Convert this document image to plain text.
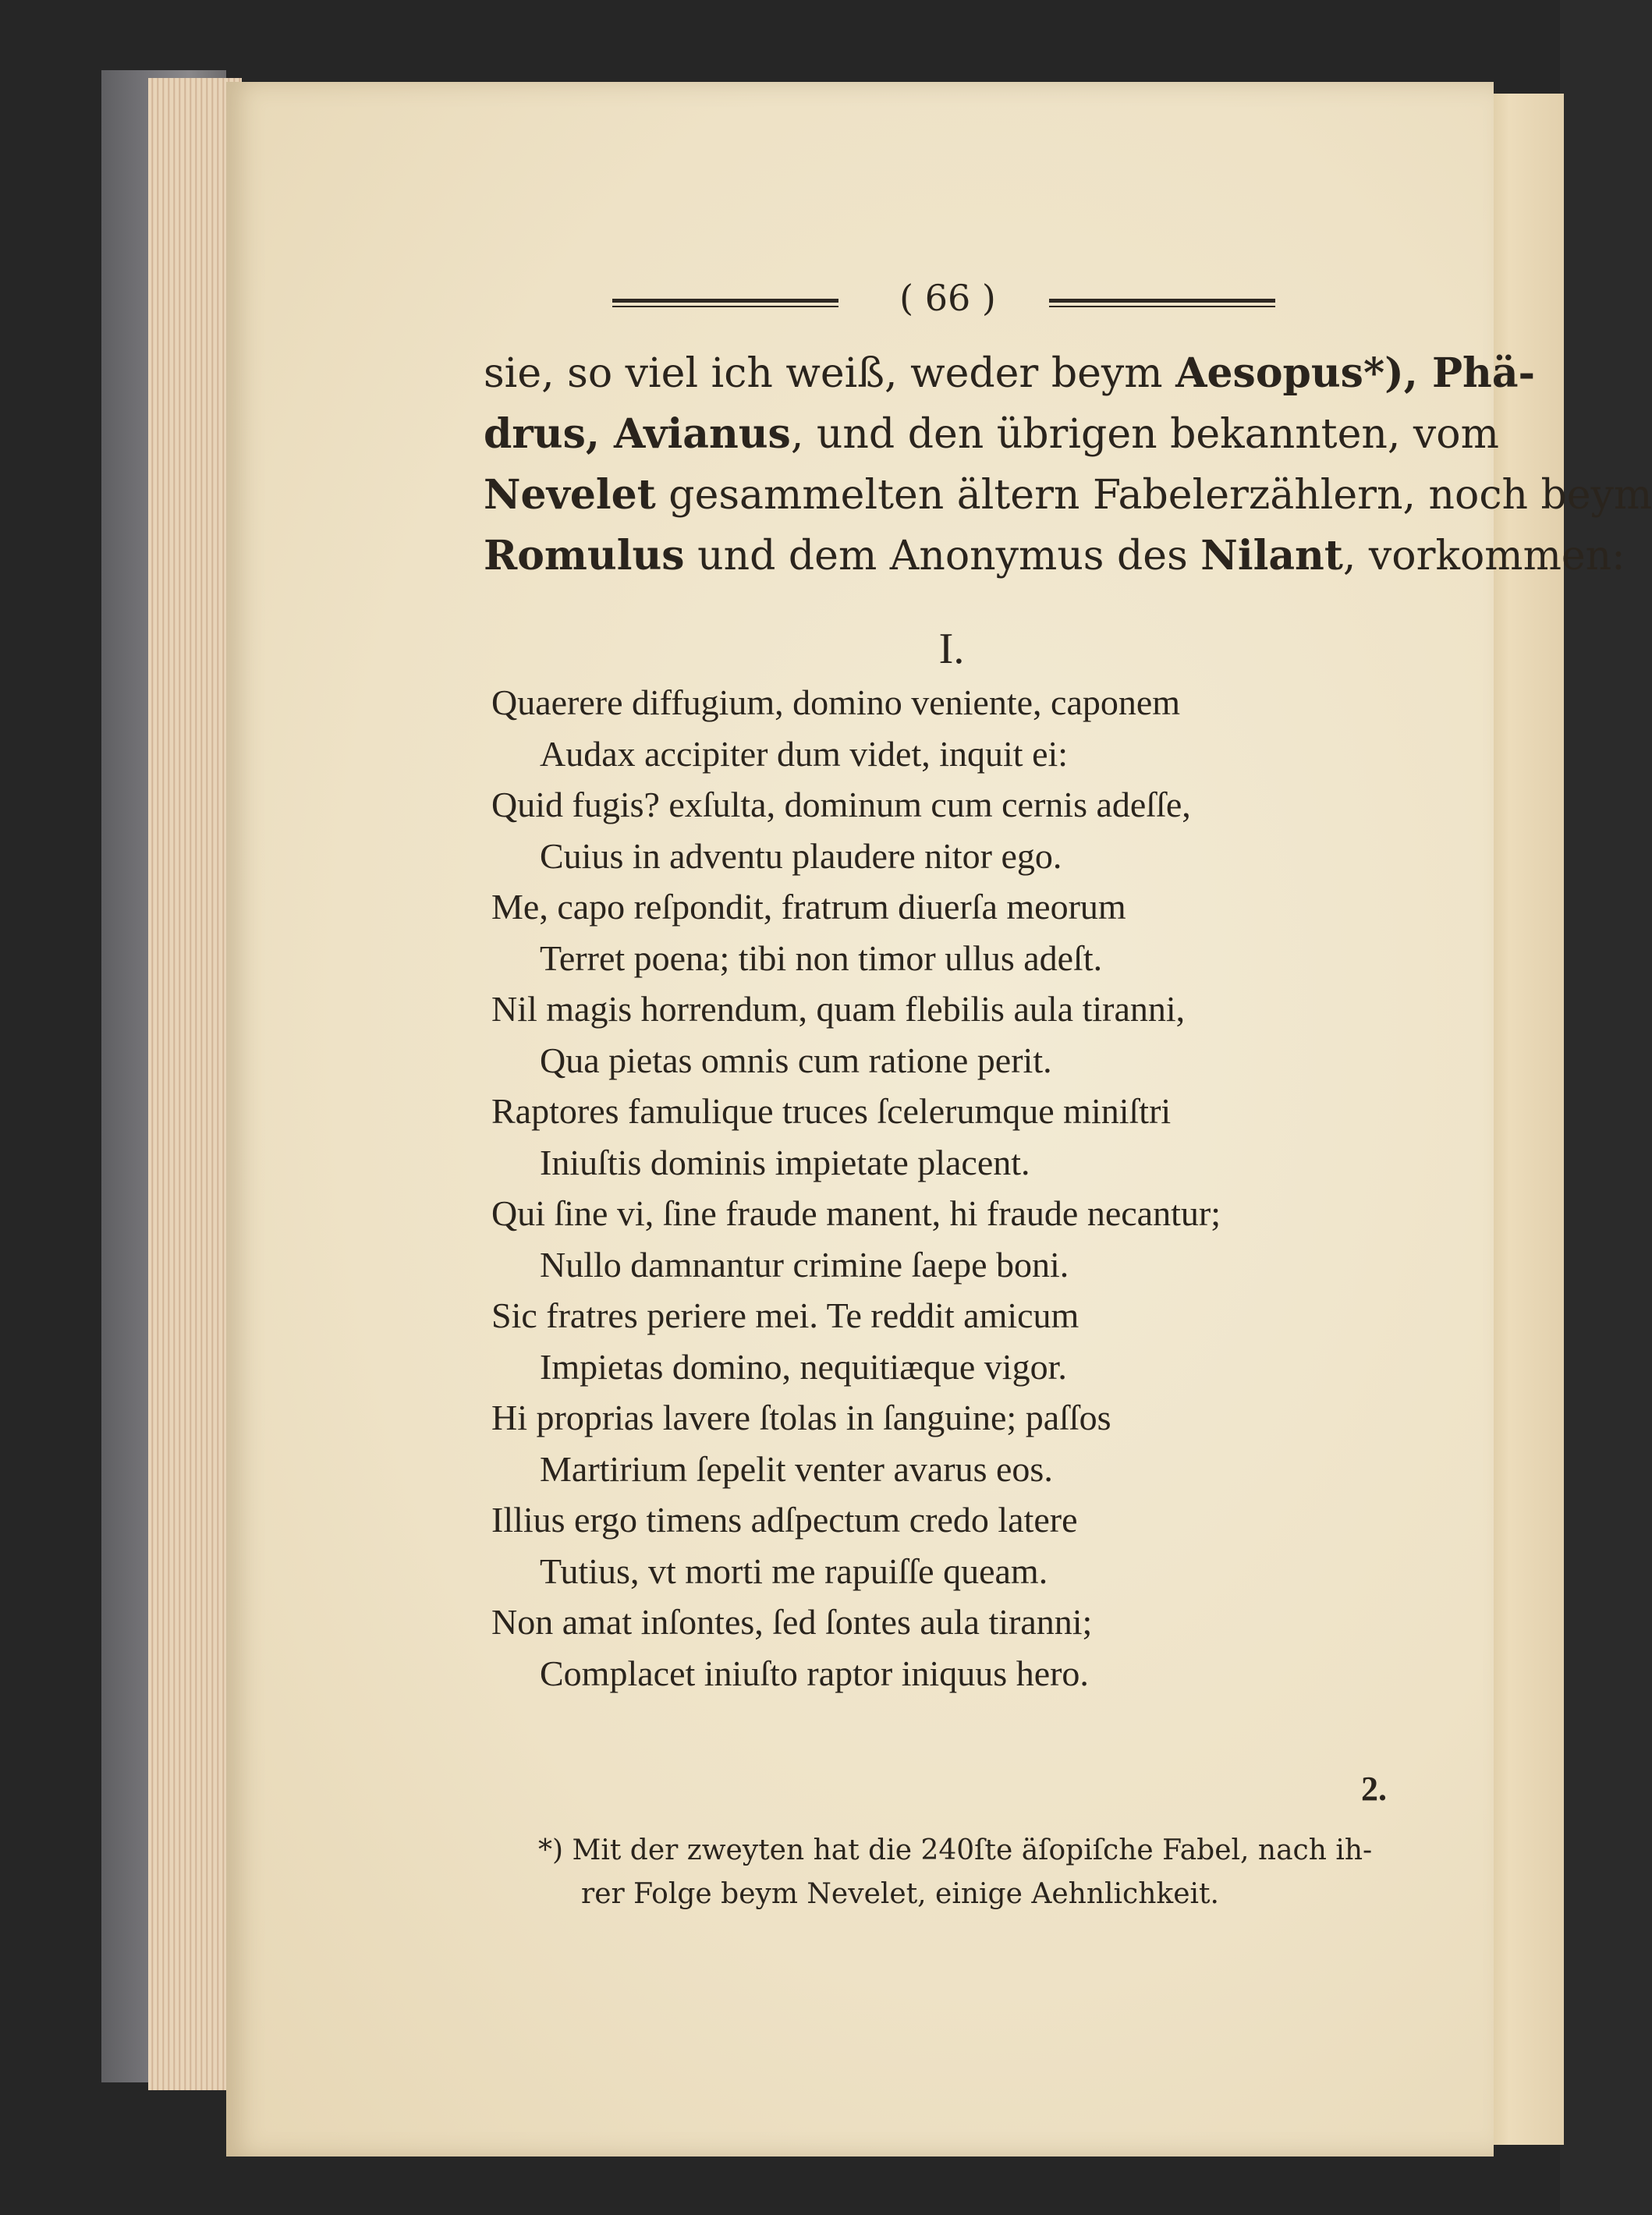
( 66 )
sie, so viel ich weiß, weder beym Aesopus*), Phä-
drus, Avianus, und den übrigen bekannten, vom
Nevelet gesammelten ältern Fabelerzählern, noch beym
Romulus und dem Anonymus des Nilant, vorkommen:
I.
Quaerere diffugium, domino veniente, caponem
Audax accipiter dum videt, inquit ei:
Quid fugis? exſulta, dominum cum cernis adeſſe,
Cuius in adventu plaudere nitor ego.
Me, capo reſpondit, fratrum diuerſa meorum
Terret poena; tibi non timor ullus adeſt.
Nil magis horrendum, quam flebilis aula tiranni,
Qua pietas omnis cum ratione perit.
Raptores famulique truces ſcelerumque miniſtri
Iniuſtis dominis impietate placent.
Qui ſine vi, ſine fraude manent, hi fraude necantur;
Nullo damnantur crimine ſaepe boni.
Sic fratres periere mei. Te reddit amicum
Impietas domino, nequitiæque vigor.
Hi proprias lavere ſtolas in ſanguine; paſſos
Martirium ſepelit venter avarus eos.
Illius ergo timens adſpectum credo latere
Tutius, vt morti me rapuiſſe queam.
Non amat inſontes, ſed ſontes aula tiranni;
Complacet iniuſto raptor iniquus hero.
2.
*) Mit der zweyten hat die 240ſte äſopiſche Fabel, nach ih-
rer Folge beym Nevelet, einige Aehnlichkeit.
